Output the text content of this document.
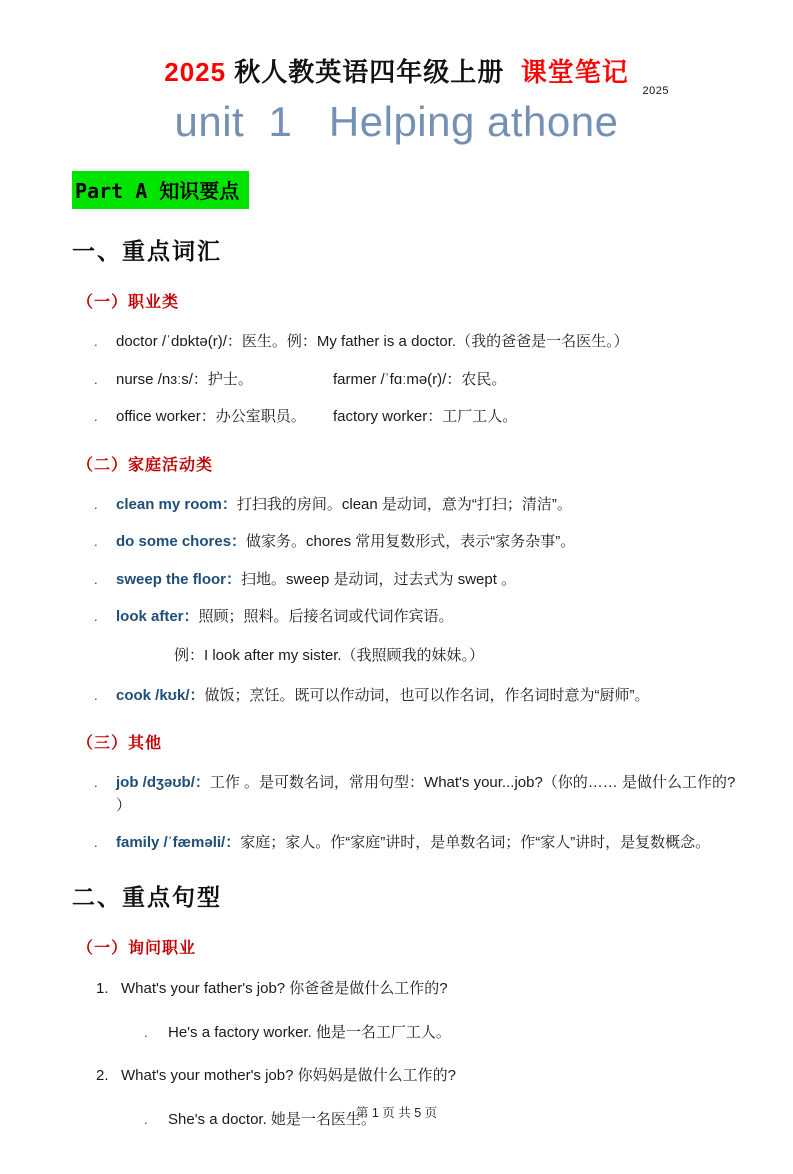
2025
2025 秋人教英语四年级上册  课堂笔记
unit  1   Helping athone
Part A 知识要点
一、重点词汇
（一）职业类
.	doctor /ˈdɒktə(r)/：医生。例：My father is a doctor.（我的爸爸是一名医生。）

.	nurse /nɜːs/：护士。	farmer /ˈfɑːmə(r)/：农民。

.	office worker：办公室职员。	factory worker：工厂工人。

（二）家庭活动类
.	clean my room：打扫我的房间。clean 是动词，意为“打扫；清洁”。

.	do some chores：做家务。chores 常用复数形式，表示“家务杂事”。

.	sweep the floor：扫地。sweep 是动词，过去式为 swept 。

.	look after：照顾；照料。后接名词或代词作宾语。

例：I look after my sister.（我照顾我的妹妹。）

.	cook /kʊk/：做饭；烹饪。既可以作动词，也可以作名词，作名词时意为“厨师”。

（三）其他
.	job /dʒəʊb/：工作 。是可数名词，常用句型：What's your...job?（你的…… 是做什么工作的? ）

.	family /ˈfæməli/：家庭；家人。作“家庭”讲时，是单数名词；作“家人”讲时，是复数概念。

二、重点句型
（一）询问职业
1. What's your father's job? 你爸爸是做什么工作的?

.	He's a factory worker. 他是一名工厂工人。

2. What's your mother's job? 你妈妈是做什么工作的?

.	She's a doctor. 她是一名医生。

第 1 页 共 5 页
